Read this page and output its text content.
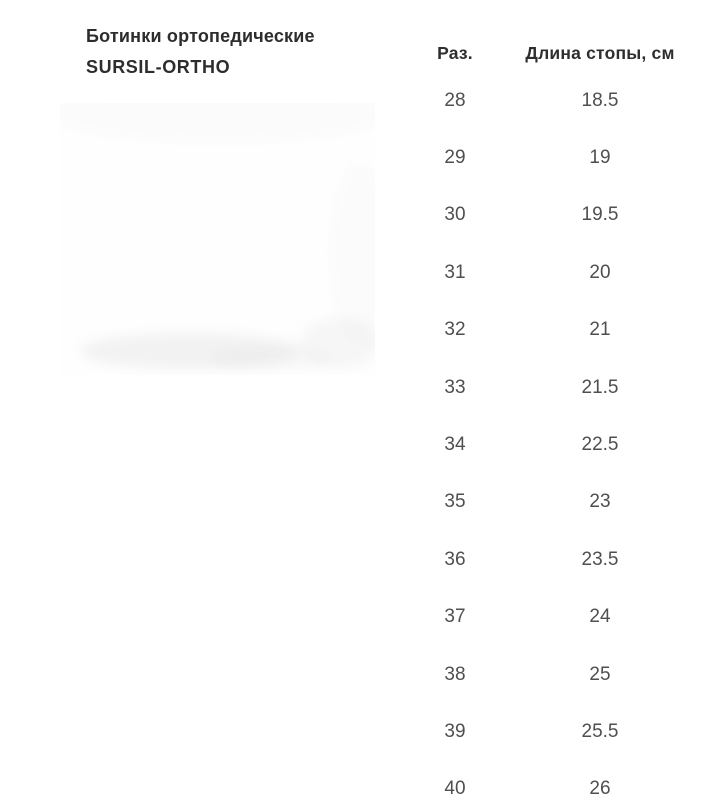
Ботинки ортопедические
SURSIL-ORTHO
Раз.	Длина стопы, см
28	18.5
29	19
30	19.5
31	20
32	21
33	21.5
34	22.5
35	23
36	23.5
37	24
38	25
39	25.5
40	26
